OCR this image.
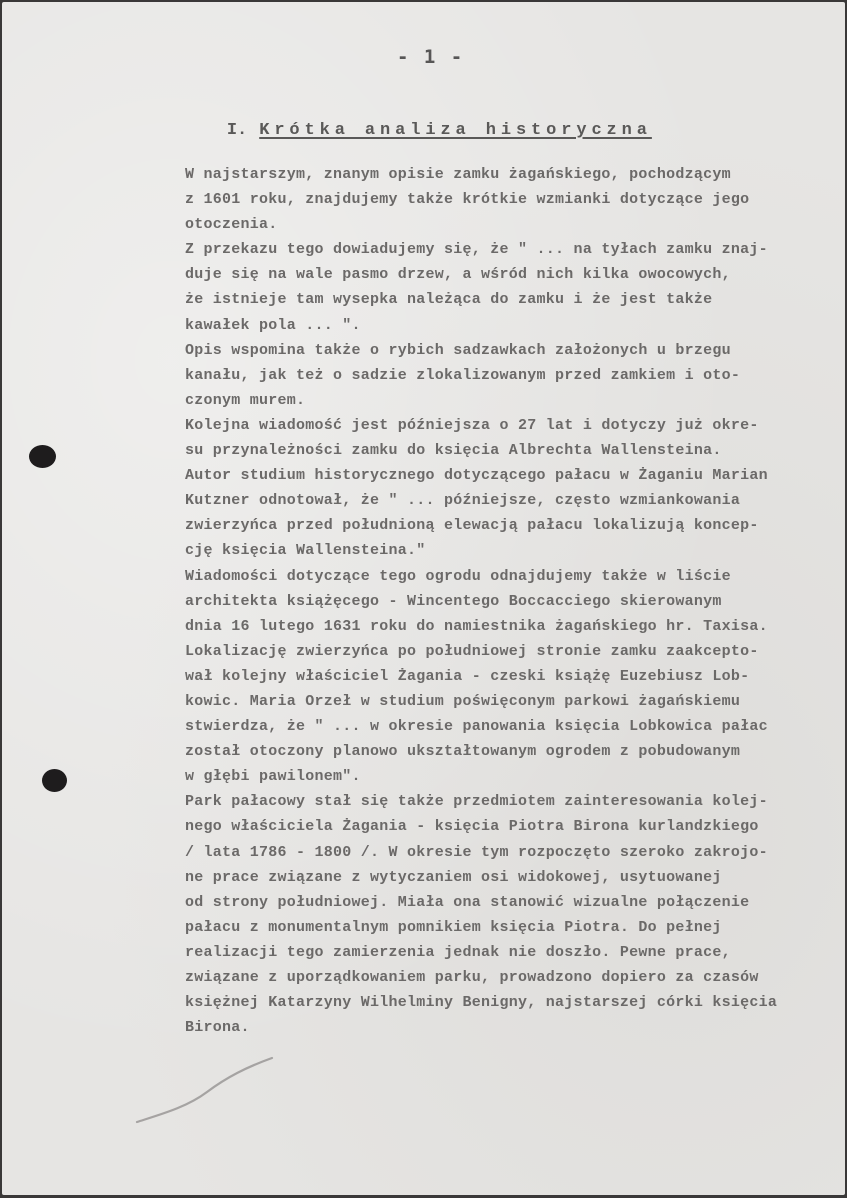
- 1 -

I. Krótka analiza historyczna

W najstarszym, znanym opisie zamku żagańskiego, pochodzącym
z 1601 roku, znajdujemy także krótkie wzmianki dotyczące jego
otoczenia.
Z przekazu tego dowiadujemy się, że " ... na tyłach zamku znaj-
duje się na wale pasmo drzew, a wśród nich kilka owocowych,
że istnieje tam wysepka należąca do zamku i że jest także
kawałek pola ... ".
Opis wspomina także o rybich sadzawkach założonych u brzegu
kanału, jak też o sadzie zlokalizowanym przed zamkiem i oto-
czonym murem.
Kolejna wiadomość jest późniejsza o 27 lat i dotyczy już okre-
su przynależności zamku do księcia Albrechta Wallensteina.
Autor studium historycznego dotyczącego pałacu w Żaganiu Marian
Kutzner odnotował, że " ... późniejsze, często wzmiankowania
zwierzyńca przed południoną elewacją pałacu lokalizują koncep-
cję księcia Wallensteina."
Wiadomości dotyczące tego ogrodu odnajdujemy także w liście
architekta książęcego - Wincentego Boccacciego skierowanym
dnia 16 lutego 1631 roku do namiestnika żagańskiego hr. Taxisa.
Lokalizację zwierzyńca po południowej stronie zamku zaakcepto-
wał kolejny właściciel Żagania - czeski książę Euzebiusz Lob-
kowic. Maria Orzeł w studium poświęconym parkowi żagańskiemu
stwierdza, że " ... w okresie panowania księcia Lobkowica pałac
został otoczony planowo ukształtowanym ogrodem z pobudowanym
w głębi pawilonem".
Park pałacowy stał się także przedmiotem zainteresowania kolej-
nego właściciela Żagania - księcia Piotra Birona kurlandzkiego
/ lata 1786 - 1800 /. W okresie tym rozpoczęto szeroko zakrojo-
ne prace związane z wytyczaniem osi widokowej, usytuowanej
od strony południowej. Miała ona stanowić wizualne połączenie
pałacu z monumentalnym pomnikiem księcia Piotra. Do pełnej
realizacji tego zamierzenia jednak nie doszło. Pewne prace,
związane z uporządkowaniem parku, prowadzono dopiero za czasów
księżnej Katarzyny Wilhelminy Benigny, najstarszej córki księcia
Birona.
